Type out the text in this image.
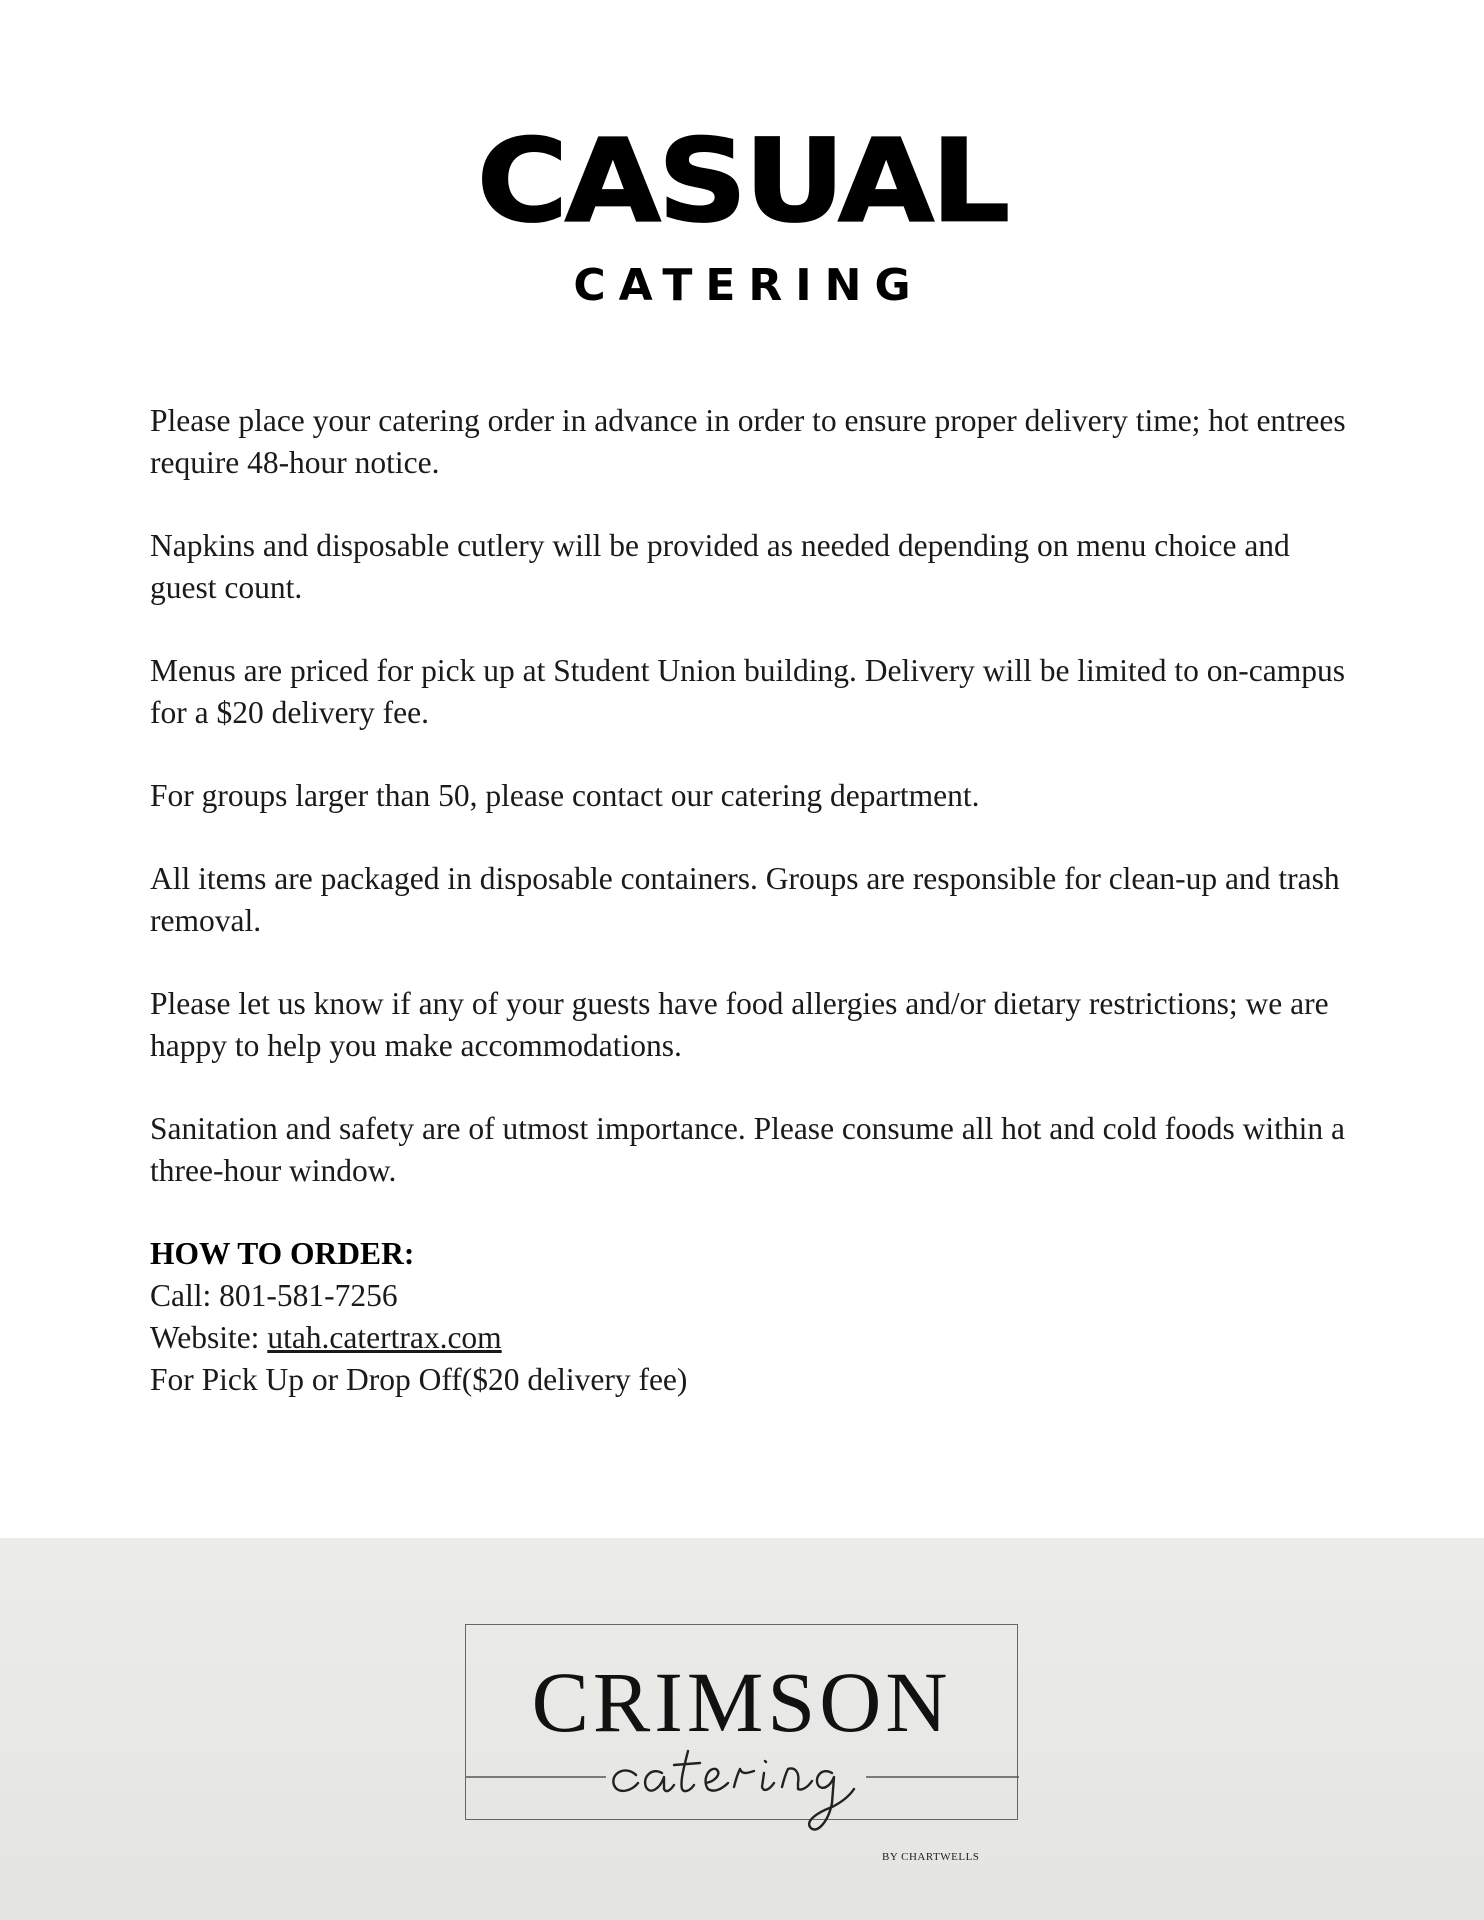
CASUAL
CATERING

Please place your catering order in advance in order to ensure proper delivery time; hot entrees require 48-hour notice.

Napkins and disposable cutlery will be provided as needed depending on menu choice and guest count.

Menus are priced for pick up at Student Union building. Delivery will be limited to on-campus for a $20 delivery fee.

For groups larger than 50, please contact our catering department.

All items are packaged in disposable containers. Groups are responsible for clean-up and trash removal.

Please let us know if any of your guests have food allergies and/or dietary restrictions; we are happy to help you make accommodations.

Sanitation and safety are of utmost importance. Please consume all hot and cold foods within a three-hour window.

HOW TO ORDER:

Call: 801-581-7256

Website: utah.catertrax.com

For Pick Up or Drop Off($20 delivery fee)

CRIMSON
BY CHARTWELLS
